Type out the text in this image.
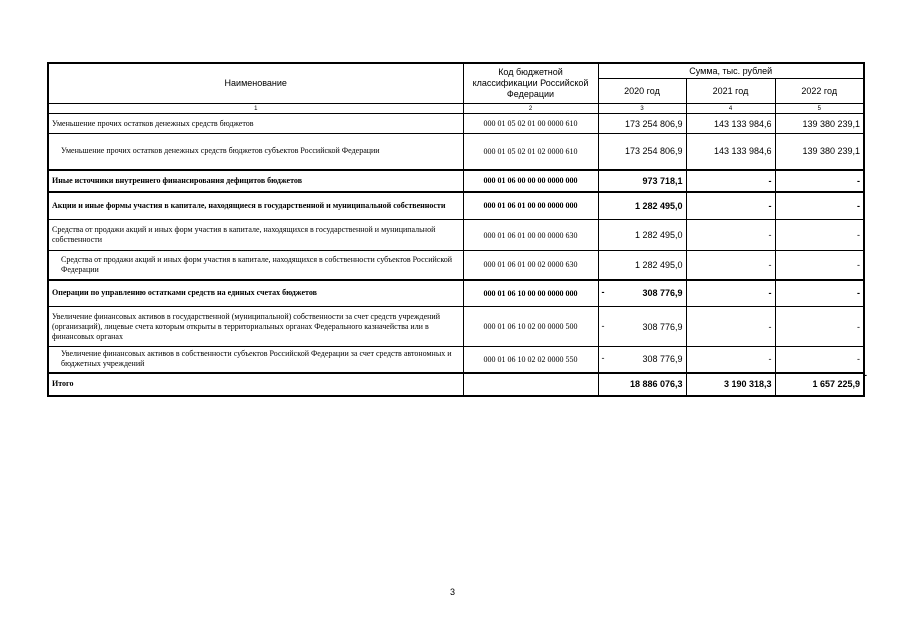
Наименование	Код бюджетной классификации Российской Федерации	Сумма, тыс. рублей		
		2020 год	2021 год	2022 год
1	2	3	4	5
Уменьшение прочих остатков денежных средств бюджетов	000 01 05 02 01 00 0000 610	173 254 806,9	143 133 984,6	139 380 239,1
Уменьшение прочих остатков денежных средств бюджетов субъектов Российской Федерации	000 01 05 02 01 02 0000 610	173 254 806,9	143 133 984,6	139 380 239,1
Иные источники внутреннего финансирования дефицитов бюджетов	000 01 06 00 00 00 0000 000	973 718,1	-	-
Акции и иные формы участия в капитале, находящиеся в государственной и муниципальной собственности	000 01 06 01 00 00 0000 000	1 282 495,0	-	-
Средства от продажи акций и иных форм участия в капитале, находящихся в государственной и муниципальной собственности	000 01 06 01 00 00 0000 630	1 282 495,0	-	-
Средства от продажи акций и иных форм участия в капитале, находящихся в собственности субъектов Российской Федерации	000 01 06 01 00 02 0000 630	1 282 495,0	-	-
Операции по управлению остатками средств на единых счетах бюджетов	000 01 06 10 00 00 0000 000	- 308 776,9	-	-
Увеличение финансовых активов в государственной (муниципальной) собственности за счет средств учреждений (организаций), лицевые счета которым открыты в территориальных органах Федерального казначейства или в финансовых органах	000 01 06 10 02 00 0000 500	- 308 776,9	-	-
Увеличение финансовых активов в собственности субъектов Российской Федерации за счет средств автономных и бюджетных учреждений	000 01 06 10 02 02 0000 550	- 308 776,9	-	-
Итого		18 886 076,3	3 190 318,3	1 657 225,9
-
3
